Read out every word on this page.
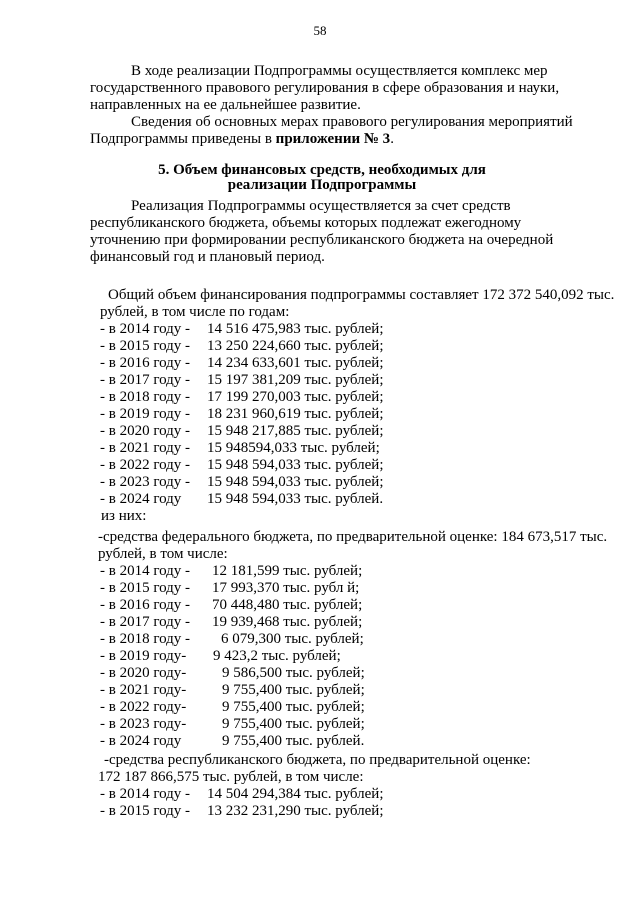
58
В ходе реализации Подпрограммы осуществляется комплекс мер
государственного правового регулирования в сфере образования и науки,
направленных на ее дальнейшее развитие.
Сведения об основных мерах правового регулирования мероприятий
Подпрограммы приведены в приложении № 3.
5. Объем финансовых средств, необходимых для
реализации Подпрограммы
Реализация Подпрограммы осуществляется за счет средств
республиканского бюджета, объемы которых подлежат ежегодному
уточнению при формировании республиканского бюджета на очередной
финансовый год и плановый период.
Общий объем финансирования подпрограммы составляет 172 372 540,092 тыс.
рублей, в том числе по годам:
- в 2014 году - 14 516 475,983 тыс. рублей;
- в 2015 году - 13 250 224,660 тыс. рублей;
- в 2016 году - 14 234 633,601 тыс. рублей;
- в 2017 году - 15 197 381,209 тыс. рублей;
- в 2018 году - 17 199 270,003 тыс. рублей;
- в 2019 году - 18 231 960,619 тыс. рублей;
- в 2020 году - 15 948 217,885 тыс. рублей;
- в 2021 году - 15 948594,033 тыс. рублей;
- в 2022 году - 15 948 594,033 тыс. рублей;
- в 2023 году - 15 948 594,033 тыс. рублей;
- в 2024 году 15 948 594,033 тыс. рублей.
из них:
-средства федерального бюджета, по предварительной оценке: 184 673,517 тыс.
рублей, в том числе:
- в 2014 году - 12 181,599 тыс. рублей;
- в 2015 году - 17 993,370 тыс. рубл й;
- в 2016 году - 70 448,480 тыс. рублей;
- в 2017 году - 19 939,468 тыс. рублей;
- в 2018 году - 6 079,300 тыс. рублей;
- в 2019 году- 9 423,2 тыс. рублей;
- в 2020 году- 9 586,500 тыс. рублей;
- в 2021 году- 9 755,400 тыс. рублей;
- в 2022 году- 9 755,400 тыс. рублей;
- в 2023 году- 9 755,400 тыс. рублей;
- в 2024 году	9 755,400 тыс. рублей.
-средства республиканского бюджета, по предварительной оценке:
172 187 866,575 тыс. рублей, в том числе:
- в 2014 году - 14 504 294,384 тыс. рублей;
- в 2015 году - 13 232 231,290 тыс. рублей;
